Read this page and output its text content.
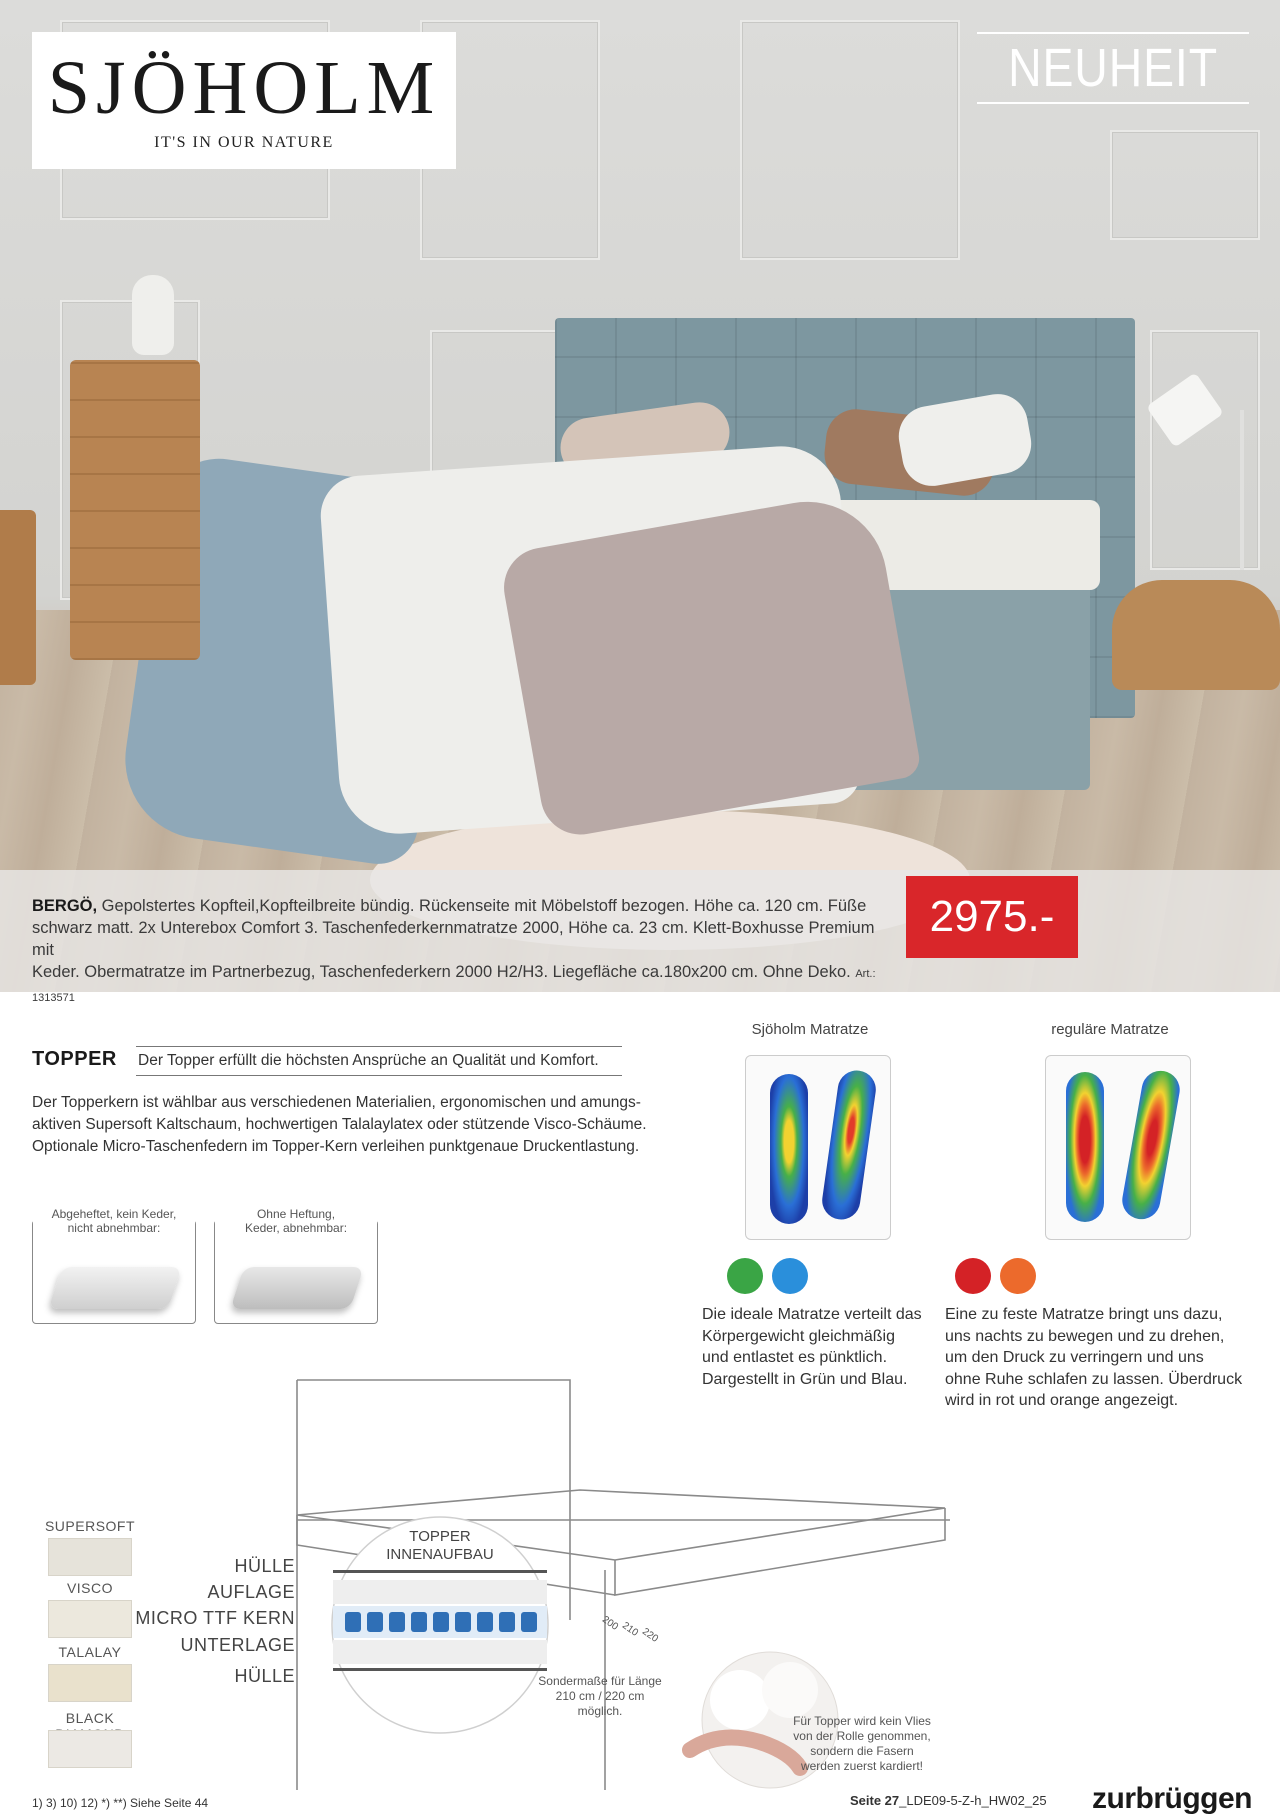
SJÖHOLM
IT'S IN OUR NATURE
NEUHEIT
BERGÖ, Gepolstertes Kopfteil,Kopfteilbreite bündig. Rückenseite mit Möbelstoff bezogen. Höhe ca. 120 cm. Füße
schwarz matt. 2x Unterebox Comfort 3. Taschenfederkernmatratze 2000, Höhe ca. 23 cm. Klett-Boxhusse Premium mit
Keder. Obermatratze im Partnerbezug, Taschenfederkern 2000 H2/H3. Liegefläche ca.180x200 cm. Ohne Deko. Art.: 1313571
2975.-
TOPPER Der Topper erfüllt die höchsten Ansprüche an Qualität und Komfort.
Der Topperkern ist wählbar aus verschiedenen Materialien, ergonomischen und amungs-
aktiven Supersoft Kaltschaum, hochwertigen Talalaylatex oder stützende Visco-Schäume.
Optionale Micro-Taschenfedern im Topper-Kern verleihen punktgenaue Druckentlastung.
Abgeheftet, kein Keder,
nicht abnehmbar:
Ohne Heftung,
Keder, abnehmbar:
Sjöholm Matratze	reguläre Matratze
Die ideale Matratze verteilt das
Körpergewicht gleichmäßig
und entlastet es pünktlich.
Dargestellt in Grün und Blau.
Eine zu feste Matratze bringt uns dazu,
uns nachts zu bewegen und zu drehen,
um den Druck zu verringern und uns
ohne Ruhe schlafen zu lassen. Überdruck
wird in rot und orange angezeigt.
TOPPER
INNENAUFBAU
SUPERSOFT
VISCO
TALALAY
BLACK
HÜLLE
AUFLAGE
MICRO TTF KERN
UNTERLAGE
HÜLLE
200 210 220
Sondermaße für Länge
210 cm / 220 cm
möglich.
Für Topper wird kein Vlies
von der Rolle genommen,
sondern die Fasern
werden zuerst kardiert!
1) 3) 10) 12) *) **) Siehe Seite 44	Seite 27_LDE09-5-Z-h_HW02_25 zurbrüggen
